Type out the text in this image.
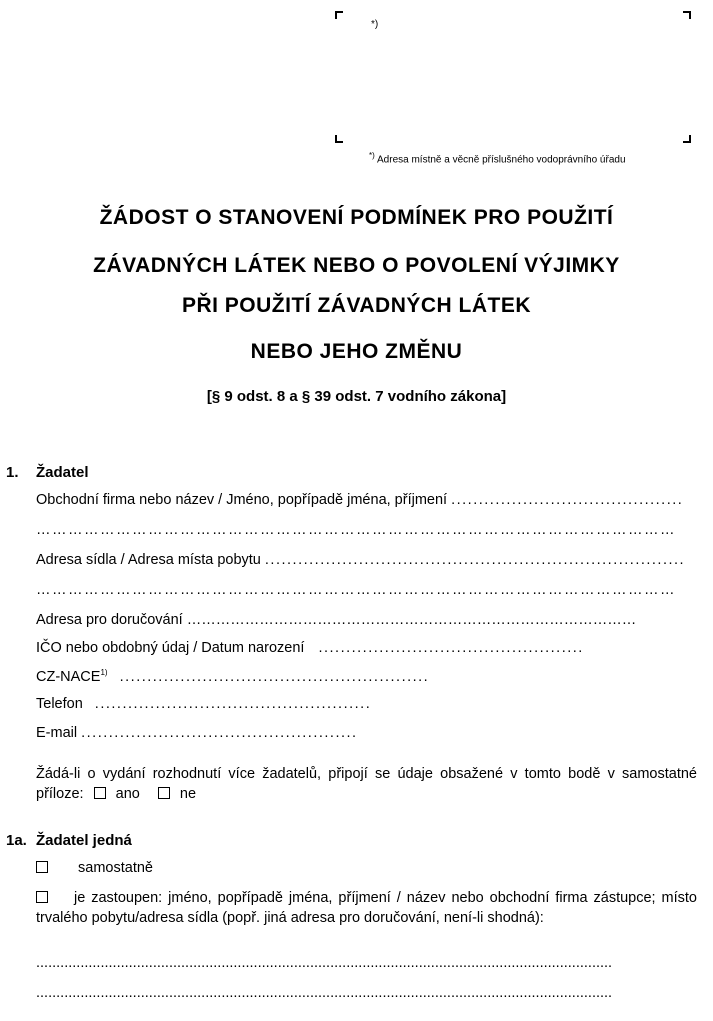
*)
*) Adresa místně a věcně příslušného vodoprávního úřadu
ŽÁDOST O STANOVENÍ PODMÍNEK PRO POUŽITÍ
ZÁVADNÝCH LÁTEK NEBO O POVOLENÍ VÝJIMKY
PŘI POUŽITÍ ZÁVADNÝCH LÁTEK
NEBO JEHO ZMĚNU
[§ 9 odst. 8 a § 39 odst. 7 vodního zákona]
1. Žadatel
Obchodní firma nebo název / Jméno, popřípadě jména, příjmení ..........................................
…………………………………………………………………………………………………………
Adresa sídla / Adresa místa pobytu ............................................................................
…………………………………………………………………………………………………………
Adresa pro doručování …………………………………………………………………………………
IČO nebo obdobný údaj / Datum narození ................................................
CZ-NACE$^{1)}$ ........................................................
Telefon ..................................................
E-mail ..................................................
Žádá-li o vydání rozhodnutí více žadatelů, připojí se údaje obsažené v tomto bodě v samostatné příloze: ano	ne
1a. Žadatel jedná
samostatně
je zastoupen: jméno, popřípadě jména, příjmení / název nebo obchodní firma zástupce; místo trvalého pobytu/adresa sídla (popř. jiná adresa pro doručování, není-li shodná):
...............................................................................................................................................
...............................................................................................................................................
